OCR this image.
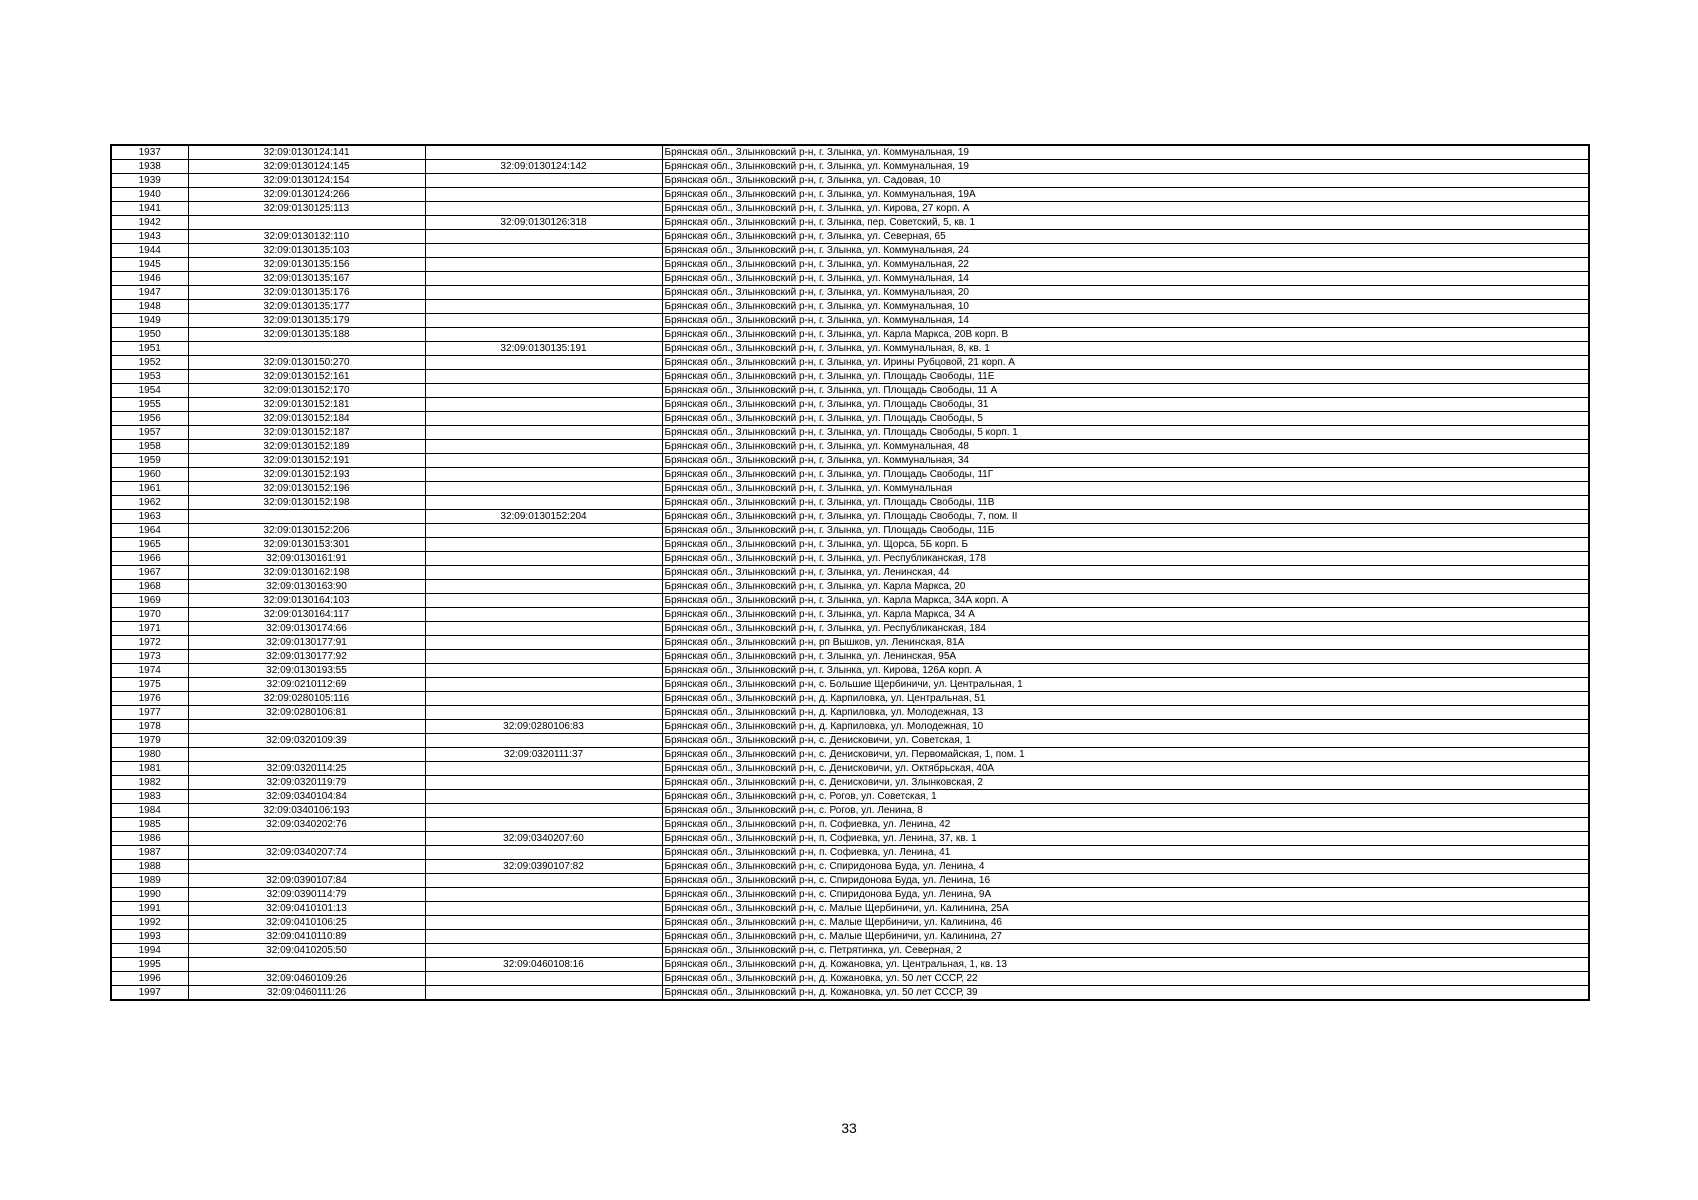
1937	32:09:0130124:141		Брянская обл., Злынковский р-н, г. Злынка, ул. Коммунальная, 19
1938	32:09:0130124:145	32:09:0130124:142	Брянская обл., Злынковский р-н, г. Злынка, ул. Коммунальная, 19
1939	32:09:0130124:154		Брянская обл., Злынковский р-н, г. Злынка, ул. Садовая, 10
1940	32:09:0130124:266		Брянская обл., Злынковский р-н, г. Злынка, ул. Коммунальная, 19А
1941	32:09:0130125:113		Брянская обл., Злынковский р-н, г. Злынка, ул. Кирова, 27 корп. А
1942		32:09:0130126:318	Брянская обл., Злынковский р-н, г. Злынка, пер. Советский, 5, кв. 1
1943	32:09:0130132:110		Брянская обл., Злынковский р-н, г. Злынка, ул. Северная, 65
1944	32:09:0130135:103		Брянская обл., Злынковский р-н, г. Злынка, ул. Коммунальная, 24
1945	32:09:0130135:156		Брянская обл., Злынковский р-н, г. Злынка, ул. Коммунальная, 22
1946	32:09:0130135:167		Брянская обл., Злынковский р-н, г. Злынка, ул. Коммунальная, 14
1947	32:09:0130135:176		Брянская обл., Злынковский р-н, г. Злынка, ул. Коммунальная, 20
1948	32:09:0130135:177		Брянская обл., Злынковский р-н, г. Злынка, ул. Коммунальная, 10
1949	32:09:0130135:179		Брянская обл., Злынковский р-н, г. Злынка, ул. Коммунальная, 14
1950	32:09:0130135:188		Брянская обл., Злынковский р-н, г. Злынка, ул. Карла Маркса, 20В корп. В
1951		32:09:0130135:191	Брянская обл., Злынковский р-н, г. Злынка, ул. Коммунальная, 8, кв. 1
1952	32:09:0130150:270		Брянская обл., Злынковский р-н, г. Злынка, ул. Ирины Рубцовой, 21 корп. А
1953	32:09:0130152:161		Брянская обл., Злынковский р-н, г. Злынка, ул. Площадь Свободы, 11Е
1954	32:09:0130152:170		Брянская обл., Злынковский р-н, г. Злынка, ул. Площадь Свободы, 11 А
1955	32:09:0130152:181		Брянская обл., Злынковский р-н, г. Злынка, ул. Площадь Свободы, 31
1956	32:09:0130152:184		Брянская обл., Злынковский р-н, г. Злынка, ул. Площадь Свободы, 5
1957	32:09:0130152:187		Брянская обл., Злынковский р-н, г. Злынка, ул. Площадь Свободы, 5 корп. 1
1958	32:09:0130152:189		Брянская обл., Злынковский р-н, г. Злынка, ул. Коммунальная, 48
1959	32:09:0130152:191		Брянская обл., Злынковский р-н, г. Злынка, ул. Коммунальная, 34
1960	32:09:0130152:193		Брянская обл., Злынковский р-н, г. Злынка, ул. Площадь Свободы, 11Г
1961	32:09:0130152:196		Брянская обл., Злынковский р-н, г. Злынка, ул. Коммунальная
1962	32:09:0130152:198		Брянская обл., Злынковский р-н, г. Злынка, ул. Площадь Свободы, 11В
1963		32:09:0130152:204	Брянская обл., Злынковский р-н, г. Злынка, ул. Площадь Свободы, 7, пом. II
1964	32:09:0130152:206		Брянская обл., Злынковский р-н, г. Злынка, ул. Площадь Свободы, 11Б
1965	32:09:0130153:301		Брянская обл., Злынковский р-н, г. Злынка, ул. Щорса, 5Б корп. Б
1966	32:09:0130161:91		Брянская обл., Злынковский р-н, г. Злынка, ул. Республиканская, 178
1967	32:09:0130162:198		Брянская обл., Злынковский р-н, г. Злынка, ул. Ленинская, 44
1968	32:09:0130163:90		Брянская обл., Злынковский р-н, г. Злынка, ул. Карла Маркса, 20
1969	32:09:0130164:103		Брянская обл., Злынковский р-н, г. Злынка, ул. Карла Маркса, 34А корп. А
1970	32:09:0130164:117		Брянская обл., Злынковский р-н, г. Злынка, ул. Карла Маркса, 34 А
1971	32:09:0130174:66		Брянская обл., Злынковский р-н, г. Злынка, ул. Республиканская, 184
1972	32:09:0130177:91		Брянская обл., Злынковский р-н, рп Вышков, ул. Ленинская, 81А
1973	32:09:0130177:92		Брянская обл., Злынковский р-н, г. Злынка, ул. Ленинская, 95А
1974	32:09:0130193:55		Брянская обл., Злынковский р-н, г. Злынка, ул. Кирова, 126А корп. А
1975	32:09:0210112:69		Брянская обл., Злынковский р-н, с. Большие Щербиничи, ул. Центральная, 1
1976	32:09:0280105:116		Брянская обл., Злынковский р-н, д. Карпиловка, ул. Центральная, 51
1977	32:09:0280106:81		Брянская обл., Злынковский р-н, д. Карпиловка, ул. Молодежная, 13
1978		32:09:0280106:83	Брянская обл., Злынковский р-н, д. Карпиловка, ул. Молодежная, 10
1979	32:09:0320109:39		Брянская обл., Злынковский р-н, с. Денисковичи, ул. Советская, 1
1980		32:09:0320111:37	Брянская обл., Злынковский р-н, с. Денисковичи, ул. Первомайская, 1, пом. 1
1981	32:09:0320114:25		Брянская обл., Злынковский р-н, с. Денисковичи, ул. Октябрьская, 40А
1982	32:09:0320119:79		Брянская обл., Злынковский р-н, с. Денисковичи, ул. Злынковская, 2
1983	32:09:0340104:84		Брянская обл., Злынковский р-н, с. Рогов, ул. Советская, 1
1984	32:09:0340106:193		Брянская обл., Злынковский р-н, с. Рогов, ул. Ленина, 8
1985	32:09:0340202:76		Брянская обл., Злынковский р-н, п. Софиевка, ул. Ленина, 42
1986		32:09:0340207:60	Брянская обл., Злынковский р-н, п. Софиевка, ул. Ленина, 37, кв. 1
1987	32:09:0340207:74		Брянская обл., Злынковский р-н, п. Софиевка, ул. Ленина, 41
1988		32:09:0390107:82	Брянская обл., Злынковский р-н, с. Спиридонова Буда, ул. Ленина, 4
1989	32:09:0390107:84		Брянская обл., Злынковский р-н, с. Спиридонова Буда, ул. Ленина, 16
1990	32:09:0390114:79		Брянская обл., Злынковский р-н, с. Спиридонова Буда, ул. Ленина, 9А
1991	32:09:0410101:13		Брянская обл., Злынковский р-н, с. Малые Щербиничи, ул. Калинина, 25А
1992	32:09:0410106:25		Брянская обл., Злынковский р-н, с. Малые Щербиничи, ул. Калинина, 46
1993	32:09:0410110:89		Брянская обл., Злынковский р-н, с. Малые Щербиничи, ул. Калинина, 27
1994	32:09:0410205:50		Брянская обл., Злынковский р-н, с. Петрятинка, ул. Северная, 2
1995		32:09:0460108:16	Брянская обл., Злынковский р-н, д. Кожановка, ул. Центральная, 1, кв. 13
1996	32:09:0460109:26		Брянская обл., Злынковский р-н, д. Кожановка, ул. 50 лет СССР, 22
1997	32:09:0460111:26		Брянская обл., Злынковский р-н, д. Кожановка, ул. 50 лет СССР, 39
33
